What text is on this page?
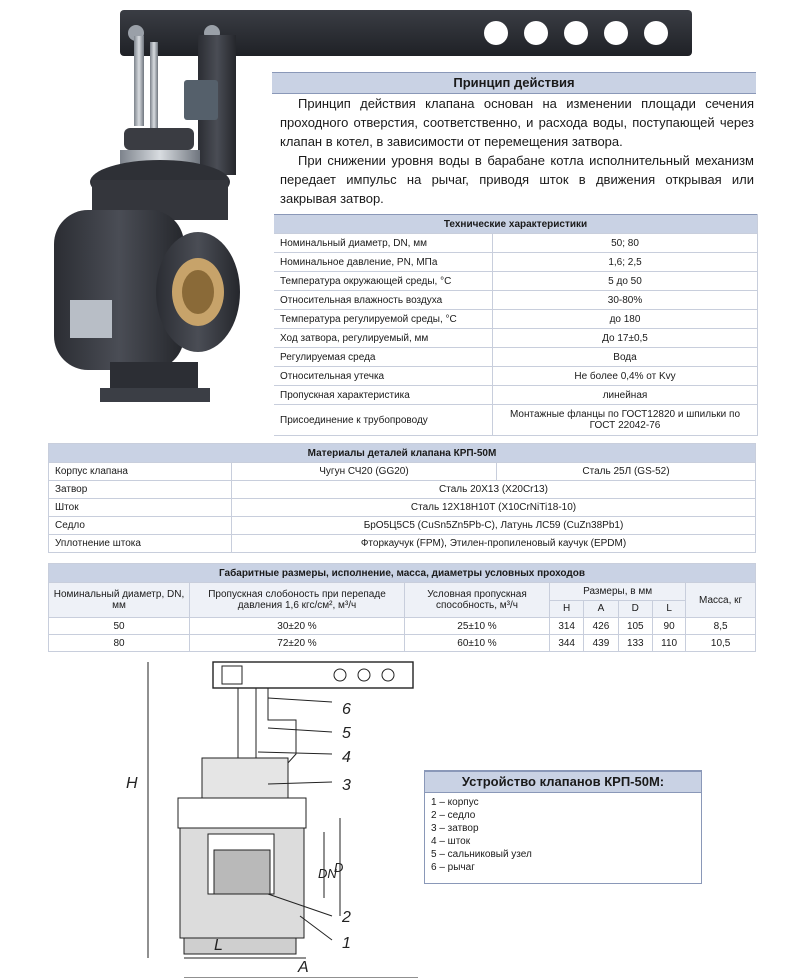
Принцип действия

Принцип действия клапана основан на изменении площади сечения проходного отверстия, соответственно, и расхода воды, поступающей через клапан в котел, в зависимости от перемещения затвора.

При снижении уровня воды в барабане котла исполнительный механизм передает импульс на рычаг, приводя шток в движения открывая или закрывая затвор.

Технические характеристики	
Номинальный диаметр, DN, мм	50; 80
Номинальное давление, PN, МПа	1,6; 2,5
Температура окружающей среды, °С	5 до 50
Относительная влажность воздуха	30-80%
Температура регулируемой среды, °С	до 180
Ход затвора, регулируемый, мм	До 17±0,5
Регулируемая среда	Вода
Относительная утечка	Не более 0,4% от Kvy
Пропускная характеристика	линейная
Присоединение к трубопроводу	Монтажные фланцы по ГОСТ12820 и шпильки по ГОСТ 22042-76
Материалы деталей клапана КРП-50М		
Корпус клапана	Чугун СЧ20 (GG20)	Сталь 25Л (GS-52)
Затвор	Сталь 20Х13 (Х20Cr13)	
Шток	Сталь 12Х18Н10Т (Х10CrNiTi18-10)	
Седло	БрО5Ц5С5 (CuSn5Zn5Pb-C), Латунь ЛС59 (CuZn38Pb1)	
Уплотнение штока	Фторкаучук (FPM), Этилен-пропиленовый каучук (EPDM)	
Габаритные размеры, исполнение, масса, диаметры условных проходов							
Номинальный диаметр, DN, мм	Пропускная слобоность при перепаде давления 1,6 кгс/см², м³/ч	Условная пропускная способность, м³/ч	Размеры, в мм				Масса, кг
			H	A	D	L	
50	30±20 %	25±10 %	314	426	105	90	8,5
80	72±20 %	60±10 %	344	439	133	110	10,5
H
L
A
DN
D
6
5
4
3
2
1
Устройство клапанов КРП-50М:
1 – корпус
2 – седло
3 – затвор
4 – шток
5 – сальниковый узел
6 – рычаг
